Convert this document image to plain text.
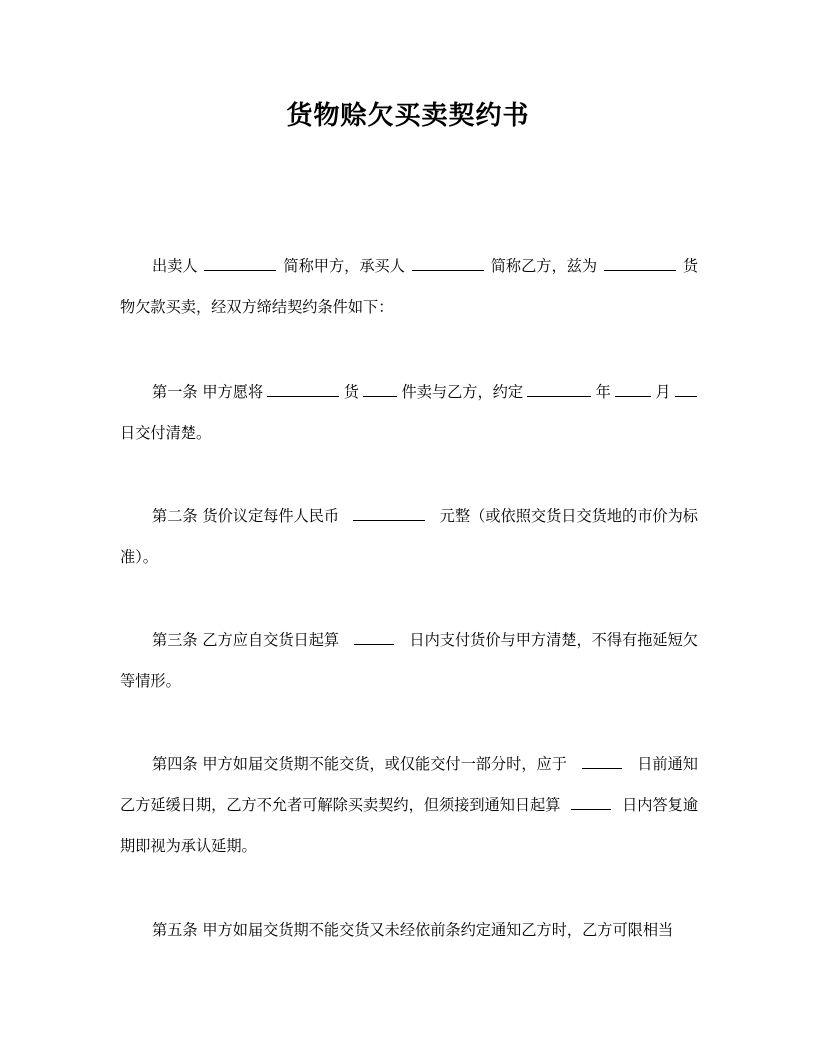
货物赊欠买卖契约书
出卖人	简称甲方，承买人	简称乙方，兹为	货
物欠款买卖，经双方缔结契约条件如下：
第一条 甲方愿将	货	件卖与乙方，约定	年	月
日交付清楚。
第二条 货价议定每件人民币	元整（或依照交货日交货地的市价为标
准）。
第三条 乙方应自交货日起算	日内支付货价与甲方清楚，不得有拖延短欠
等情形。
第四条 甲方如届交货期不能交货，或仅能交付一部分时，应于	日前通知
乙方延缓日期，乙方不允者可解除买卖契约，但须接到通知日起算	日内答复逾
期即视为承认延期。
第五条 甲方如届交货期不能交货又未经依前条约定通知乙方时，乙方可限相当
